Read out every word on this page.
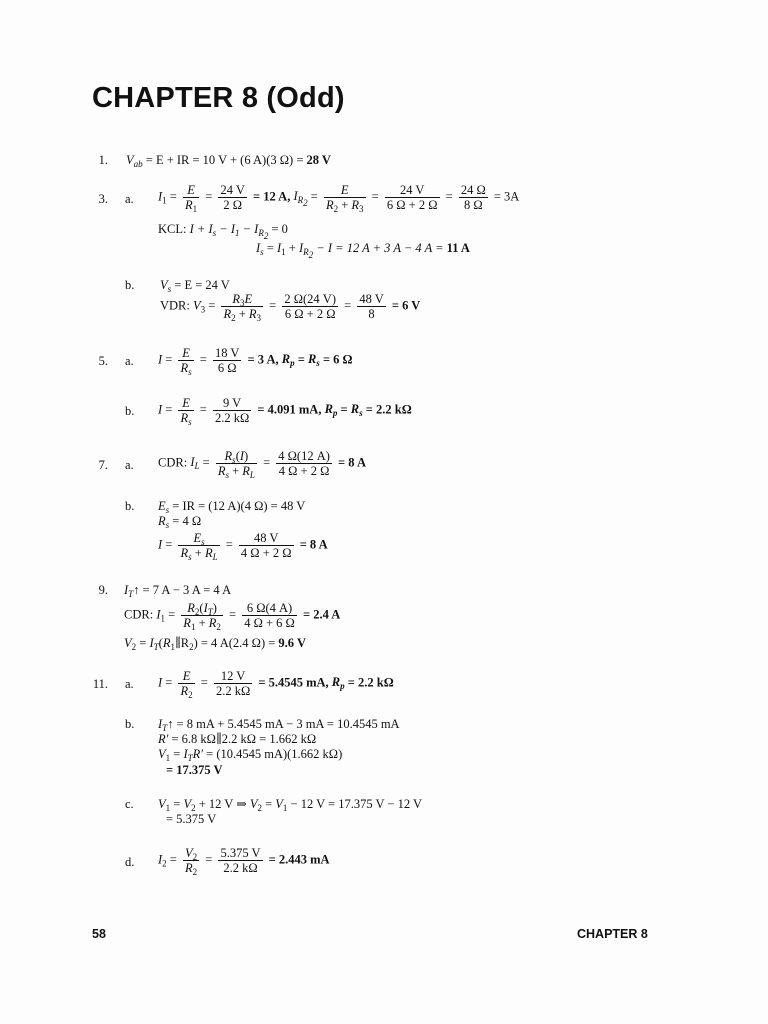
CHAPTER 8 (Odd)
1. $V_{ab} = E$ + IR = 10 V + (6 A)(3 Ω) = 28 V
3. a. $I_1 = \frac{E}{R_1} = \frac{24 V}{2 \Omega} = 12$ A, $I_{R_2} = \frac{E}{R_2 + R_3} = \frac{24 V}{6 \Omega + 2 \Omega} = \frac{24 \Omega}{8 \Omega} = 3A$
KCL: $I + I_s - I_1 - I_{R_2} = 0$
$I_s = I_1 + I_{R_2} - I = 12$ A + 3 A − 4 A = 11 A
b. $V_s = E = 24$ V
VDR: $V_3 = \frac{R_3E}{R_2 + R_3} = \frac{2 \Omega(24 V)}{6 \Omega + 2 \Omega} = \frac{48 V}{8} = 6$ V
5. a. $I = \frac{E}{R_s} = \frac{18 V}{6 \Omega} = 3$ A, $R_p = R_s = 6$ Ω
b. $I = \frac{E}{R_s} = \frac{9 V}{2.2 k\Omega} = 4.091$ mA, $R_p = R_s = 2.2$ kΩ
7. a. CDR: $I_L = \frac{R_s(I)}{R_s + R_L} = \frac{4 \Omega(12 A)}{4 \Omega + 2 \Omega} = 8$ A
b. $E_s$ = IR = (12 A)(4 Ω) = 48 V
$R_s = 4$ Ω
$I = \frac{E_s}{R_s + R_L} = \frac{48 V}{4 \Omega + 2 \Omega} = 8$ A
9. $I_T↑ = 7$ A − 3 A = 4 A
CDR: $I_1 = \frac{R_2(I_T)}{R_1 + R_2} = \frac{6 \Omega(4 A)}{4 \Omega + 6 \Omega} = 2.4$ A
$V_2$ = $I_T(R_1\parallel R_2) = 4$ A(2.4 Ω) = 9.6 V
11. a. $I = \frac{E}{R_2} = \frac{12 V}{2.2 k\Omega} = 5.4545$ mA, $R_p = 2.2$ kΩ
b. $I_T↑ = 8$ mA + 5.4545 mA − 3 mA = 10.4545 mA
R′ = 6.8 kΩ∥2.2 kΩ = 1.662 kΩ
$V_1 = I_TR' = (10.4545$ mA)(1.662 kΩ)
= 17.375 V
c. $V_1 = V_2 + 12$ V ⇒ $V_2 = V_1 - 12$ V = 17.375 V − 12 V
= 5.375 V
d. $I_2 = \frac{V_2}{R_2} = \frac{5.375 V}{2.2 k\Omega} = 2.443$ mA
58	CHAPTER 8
